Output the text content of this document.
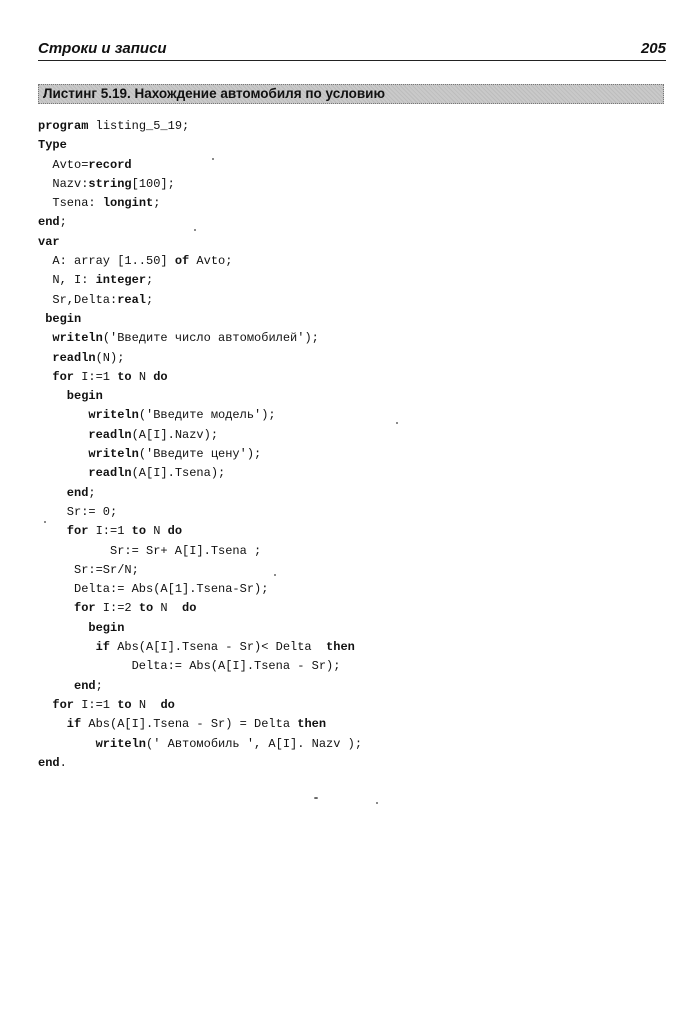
Строки и записи	205
Листинг 5.19. Нахождение автомобиля по условию
program listing_5_19;
Type
Avto=record
Nazv:string[100];
Tsena: longint;
end;
var
A: array [1..50] of Avto;
N, I: integer;
Sr,Delta:real;
begin
writeln('Введите число автомобилей');
readln(N);
for I:=1 to N do
begin
writeln('Введите модель');
readln(A[I].Nazv);
writeln('Введите цену');
readln(A[I].Tsena);
end;
Sr:= 0;
for I:=1 to N do
Sr:= Sr+ A[I].Tsena ;
Sr:=Sr/N;
Delta:= Abs(A[1].Tsena-Sr);
for I:=2 to N  do
begin
if Abs(A[I].Tsena - Sr)< Delta  then
Delta:= Abs(A[I].Tsena - Sr);
end;
for I:=1 to N  do
if Abs(A[I].Tsena - Sr) = Delta then
writeln(' Автомобиль ', A[I]. Nazv );
end.
